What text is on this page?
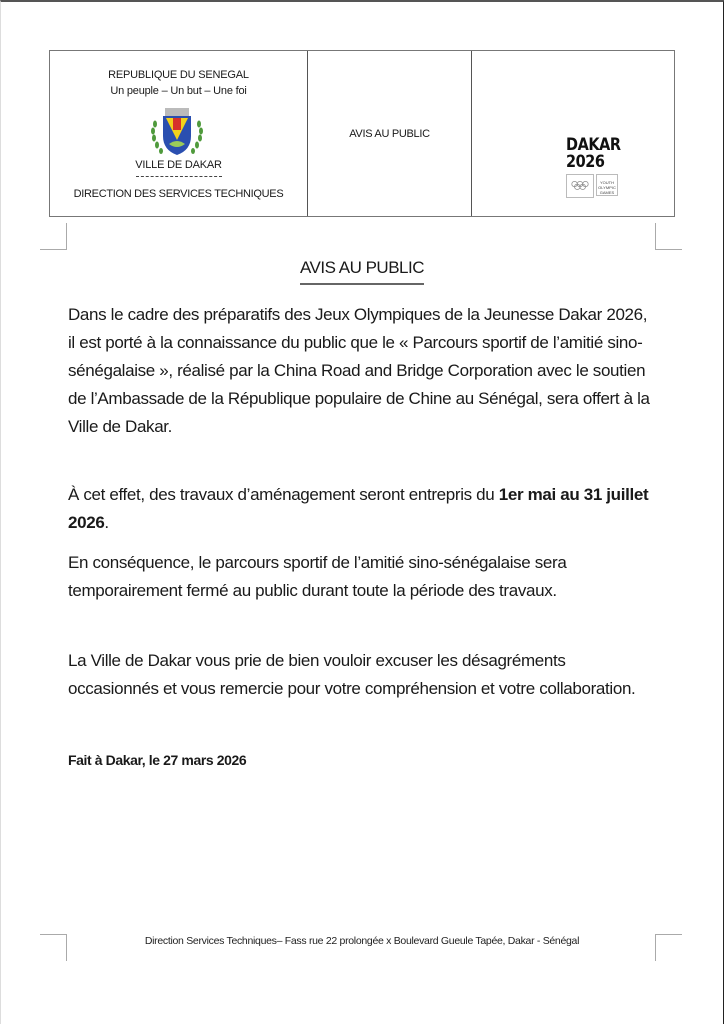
REPUBLIQUE DU SENEGAL
Un peuple – Un but – Une foi
VILLE DE DAKAR
DIRECTION DES SERVICES TECHNIQUES
AVIS AU PUBLIC
DAKAR
2026
YOUTH OLYMPIC GAMES
AVIS AU PUBLIC

Dans le cadre des préparatifs des Jeux Olympiques de la Jeunesse Dakar 2026, il est porté à la connaissance du public que le « Parcours sportif de l’amitié sino-sénégalaise », réalisé par la China Road and Bridge Corporation avec le soutien de l’Ambassade de la République populaire de Chine au Sénégal, sera offert à la Ville de Dakar.

À cet effet, des travaux d’aménagement seront entrepris du 1er mai au 31 juillet 2026.

En conséquence, le parcours sportif de l’amitié sino-sénégalaise sera temporairement fermé au public durant toute la période des travaux.

La Ville de Dakar vous prie de bien vouloir excuser les désagréments occasionnés et vous remercie pour votre compréhension et votre collaboration.

Fait à Dakar, le 27 mars 2026
Direction Services Techniques– Fass rue 22 prolongée x Boulevard Gueule Tapée, Dakar - Sénégal
